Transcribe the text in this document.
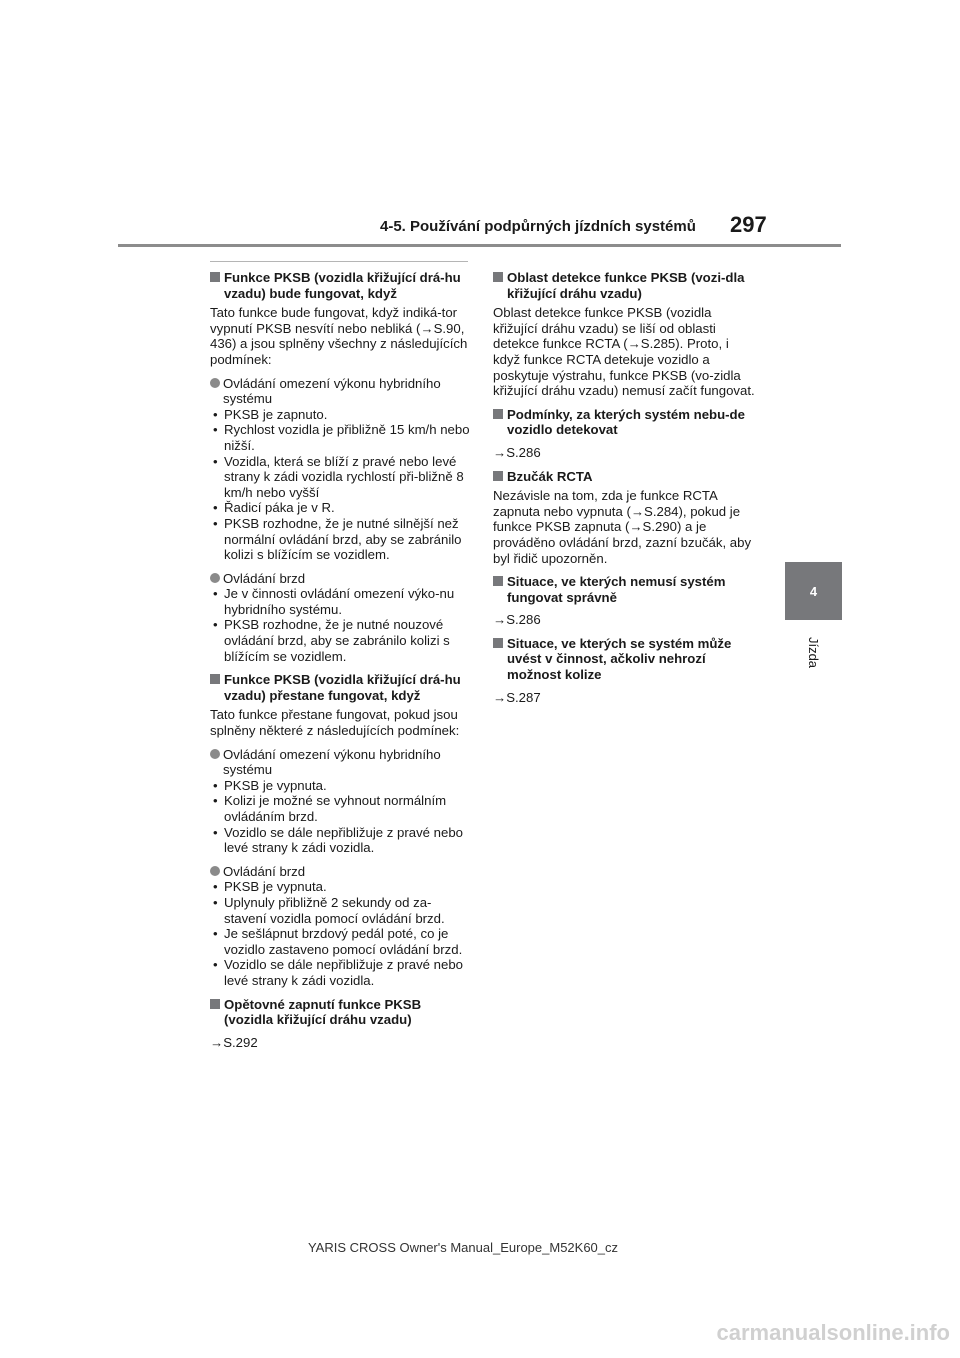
4-5. Používání podpůrných jízdních systémů 297
4
Jízda
Funkce PKSB (vozidla křižující drá-hu vzadu) bude fungovat, když

Tato funkce bude fungovat, když indiká-tor vypnutí PKSB nesvítí nebo nebliká (→S.90, 436) a jsou splněny všechny z následujících podmínek:

Ovládání omezení výkonu hybridního systému
• PKSB je zapnuto.
• Rychlost vozidla je přibližně 15 km/h nebo nižší.
• Vozidla, která se blíží z pravé nebo levé strany k zádi vozidla rychlostí při-bližně 8 km/h nebo vyšší
• Řadicí páka je v R.
• PKSB rozhodne, že je nutné silnější než normální ovládání brzd, aby se zabránilo kolizi s blížícím se vozidlem.
Ovládání brzd
• Je v činnosti ovládání omezení výko-nu hybridního systému.
• PKSB rozhodne, že je nutné nouzové ovládání brzd, aby se zabránilo kolizi s blížícím se vozidlem.
Funkce PKSB (vozidla křižující drá-hu vzadu) přestane fungovat, když

Tato funkce přestane fungovat, pokud jsou splněny některé z následujících podmínek:

Ovládání omezení výkonu hybridního systému
• PKSB je vypnuta.
• Kolizi je možné se vyhnout normálním ovládáním brzd.
• Vozidlo se dále nepřibližuje z pravé nebo levé strany k zádi vozidla.
Ovládání brzd
• PKSB je vypnuta.
• Uplynuly přibližně 2 sekundy od za-stavení vozidla pomocí ovládání brzd.
• Je sešlápnut brzdový pedál poté, co je vozidlo zastaveno pomocí ovládání brzd.
• Vozidlo se dále nepřibližuje z pravé nebo levé strany k zádi vozidla.
Opětovné zapnutí funkce PKSB (vozidla křižující dráhu vzadu)
→S.292
Oblast detekce funkce PKSB (vozi-dla křižující dráhu vzadu)

Oblast detekce funkce PKSB (vozidla křižující dráhu vzadu) se liší od oblasti detekce funkce RCTA (→S.285). Proto, i když funkce RCTA detekuje vozidlo a poskytuje výstrahu, funkce PKSB (vo-zidla křižující dráhu vzadu) nemusí začít fungovat.

Podmínky, za kterých systém nebu-de vozidlo detekovat
→S.286
Bzučák RCTA

Nezávisle na tom, zda je funkce RCTA zapnuta nebo vypnuta (→S.284), pokud je funkce PKSB zapnuta (→S.290) a je prováděno ovládání brzd, zazní bzučák, aby byl řidič upozorněn.

Situace, ve kterých nemusí systém fungovat správně
→S.286
Situace, ve kterých se systém může uvést v činnost, ačkoliv nehrozí možnost kolize
→S.287
YARIS CROSS Owner's Manual_Europe_M52K60_cz
carmanualsonline.info
